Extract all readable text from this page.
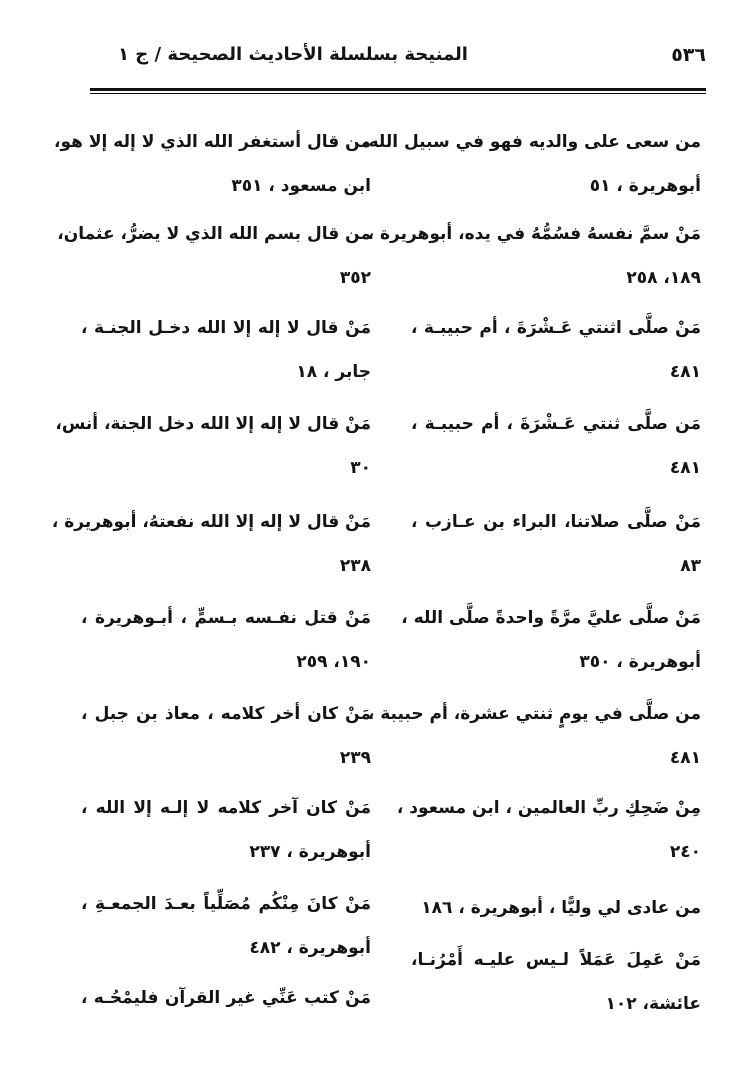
٥٣٦
المنيحة بسلسلة الأحاديث الصحيحة / ج ١
من سعى على والديه فهو في سبيل الله،
أبوهريرة ، ٥١
مَنْ سمَّ نفسهُ فسُمُّهُ في يده، أبوهريرة ،
١٨٩، ٢٥٨
مَنْ صلَّى اثنتي عَـشْرَةَ ، أم حبيبـة ،
٤٨١
مَن صلَّى ثنتي عَـشْرَةَ ، أم حبيبـة ،
٤٨١
مَنْ صلَّى صلاتنا، البراء بن عـازب ،
٨٣
مَنْ صلَّى عليَّ مرَّةً واحدةً صلَّى الله ،
أبوهريرة ، ٣٥٠
من صلَّى في يومٍ ثنتي عشرة، أم حبيبة ،
٤٨١
مِنْ ضَحِكِ ربِّ العالمين ، ابن مسعود ،
٢٤٠
من عادى لي وليًّا ، أبوهريرة ، ١٨٦
مَنْ عَمِلَ عَمَلاً لـيس عليـه أَمْرُنـا،
عائشة، ١٠٢
من قال أستغفر الله الذي لا إله إلا هو،
ابن مسعود ، ٣٥١
من قال بسم الله الذي لا يضرُّ، عثمان،
٣٥٢
مَنْ قال لا إله إلا الله دخـل الجنـة ،
جابر ، ١٨
مَنْ قال لا إله إلا الله دخل الجنة، أنس،
٣٠
مَنْ قال لا إله إلا الله نفعتهُ، أبوهريرة ،
٢٣٨
مَنْ قتل نفـسه بـسمٍّ ، أبـوهريرة ،
١٩٠، ٢٥٩
مَنْ كان أخر كلامه ، معاذ بن جبل ،
٢٣٩
مَنْ كان آخر كلامه لا إلـه إلا الله ،
أبوهريرة ، ٢٣٧
مَنْ كانَ مِنْكُم مُصَلِّياً بعـدَ الجمعـةِ ،
أبوهريرة ، ٤٨٢
مَنْ كتب عَنِّي غير القرآن فليمْحُـه ،
